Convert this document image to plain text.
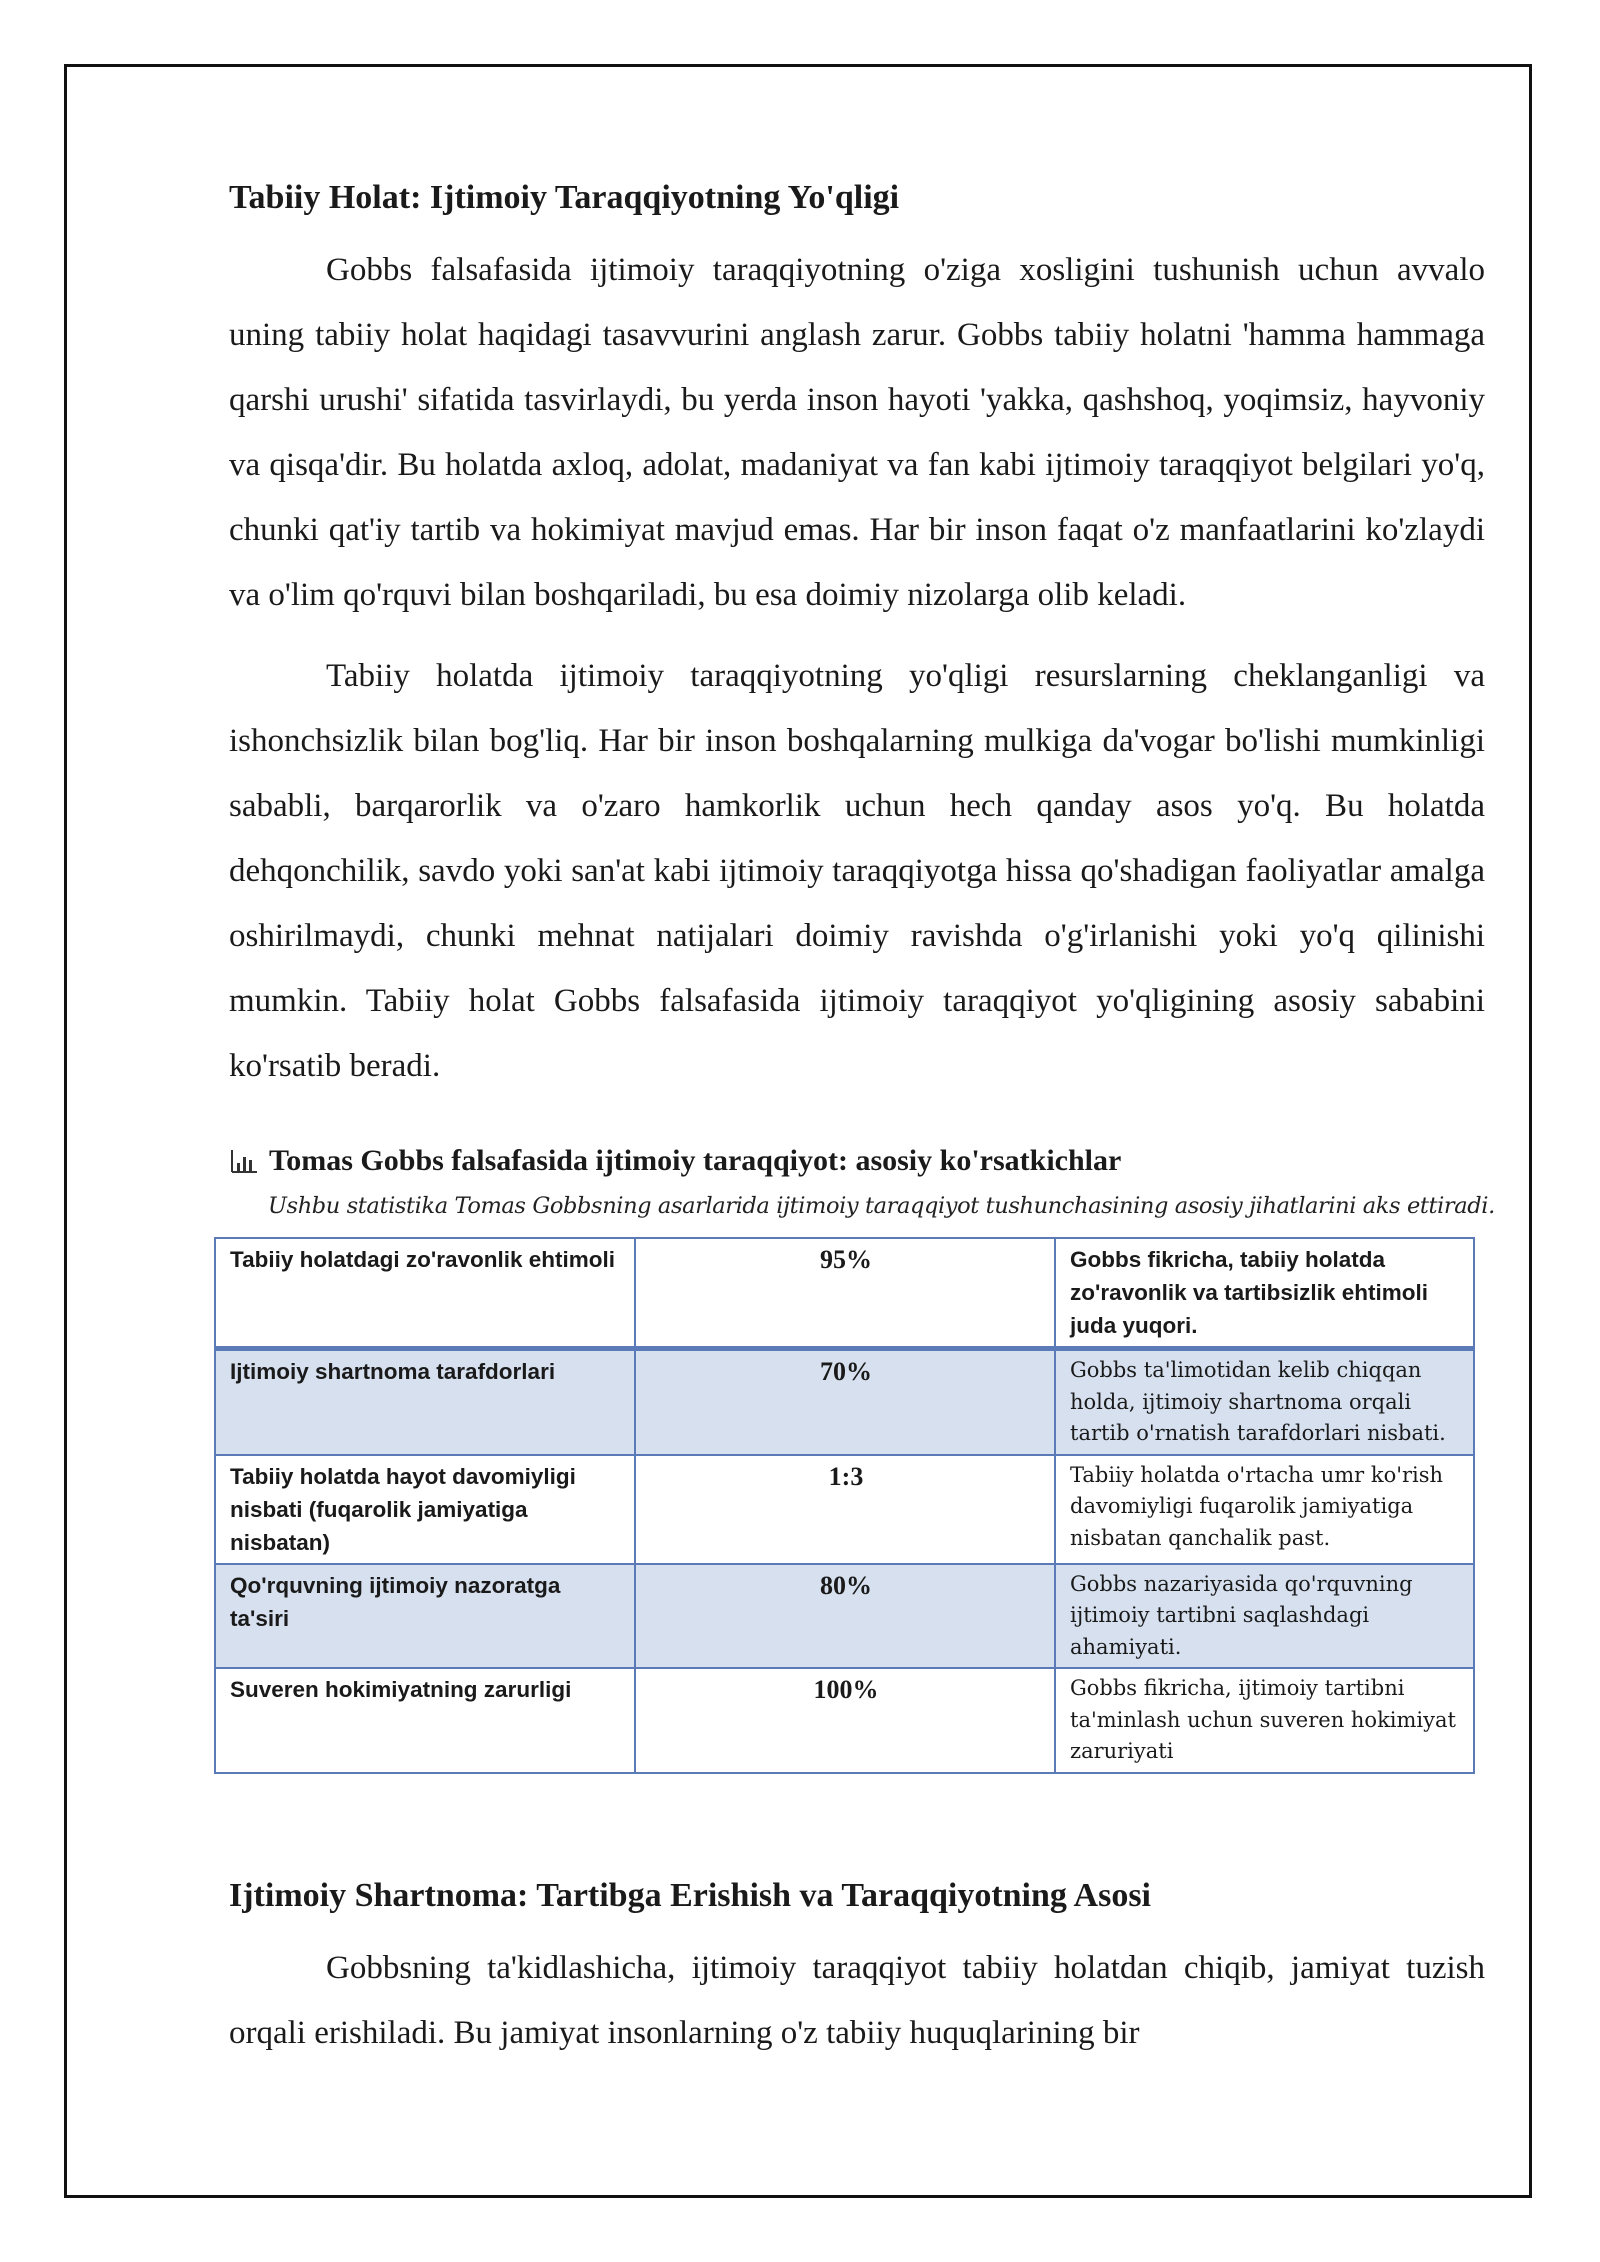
Tabiiy Holat: Ijtimoiy Taraqqiyotning Yo'qligi

Gobbs falsafasida ijtimoiy taraqqiyotning o'ziga xosligini tushunish uchun avvalo uning tabiiy holat haqidagi tasavvurini anglash zarur. Gobbs tabiiy holatni 'hamma hammaga qarshi urushi' sifatida tasvirlaydi, bu yerda inson hayoti 'yakka, qashshoq, yoqimsiz, hayvoniy va qisqa'dir. Bu holatda axloq, adolat, madaniyat va fan kabi ijtimoiy taraqqiyot belgilari yo'q, chunki qat'iy tartib va hokimiyat mavjud emas. Har bir inson faqat o'z manfaatlarini ko'zlaydi va o'lim qo'rquvi bilan boshqariladi, bu esa doimiy nizolarga olib keladi.

Tabiiy holatda ijtimoiy taraqqiyotning yo'qligi resurslarning cheklanganligi va ishonchsizlik bilan bog'liq. Har bir inson boshqalarning mulkiga da'vogar bo'lishi mumkinligi sababli, barqarorlik va o'zaro hamkorlik uchun hech qanday asos yo'q. Bu holatda dehqonchilik, savdo yoki san'at kabi ijtimoiy taraqqiyotga hissa qo'shadigan faoliyatlar amalga oshirilmaydi, chunki mehnat natijalari doimiy ravishda o'g'irlanishi yoki yo'q qilinishi mumkin. Tabiiy holat Gobbs falsafasida ijtimoiy taraqqiyot yo'qligining asosiy sababini ko'rsatib beradi.

Tomas Gobbs falsafasida ijtimoiy taraqqiyot: asosiy ko'rsatkichlar
Ushbu statistika Tomas Gobbsning asarlarida ijtimoiy taraqqiyot tushunchasining asosiy jihatlarini aks ettiradi.
Tabiiy holatdagi zo'ravonlik ehtimoli	95%	Gobbs fikricha, tabiiy holatda zo'ravonlik va tartibsizlik ehtimoli juda yuqori.
Ijtimoiy shartnoma tarafdorlari	70%	Gobbs ta'limotidan kelib chiqqan holda, ijtimoiy shartnoma orqali tartib o'rnatish tarafdorlari nisbati.
Tabiiy holatda hayot davomiyligi nisbati (fuqarolik jamiyatiga nisbatan)	1:3	Tabiiy holatda o'rtacha umr ko'rish davomiyligi fuqarolik jamiyatiga nisbatan qanchalik past.
Qo'rquvning ijtimoiy nazoratga ta'siri	80%	Gobbs nazariyasida qo'rquvning ijtimoiy tartibni saqlashdagi ahamiyati.
Suveren hokimiyatning zarurligi	100%	Gobbs fikricha, ijtimoiy tartibni ta'minlash uchun suveren hokimiyat zaruriyati
Ijtimoiy Shartnoma: Tartibga Erishish va Taraqqiyotning Asosi

Gobbsning ta'kidlashicha, ijtimoiy taraqqiyot tabiiy holatdan chiqib, jamiyat tuzish orqali erishiladi. Bu jamiyat insonlarning o'z tabiiy huquqlarining bir
